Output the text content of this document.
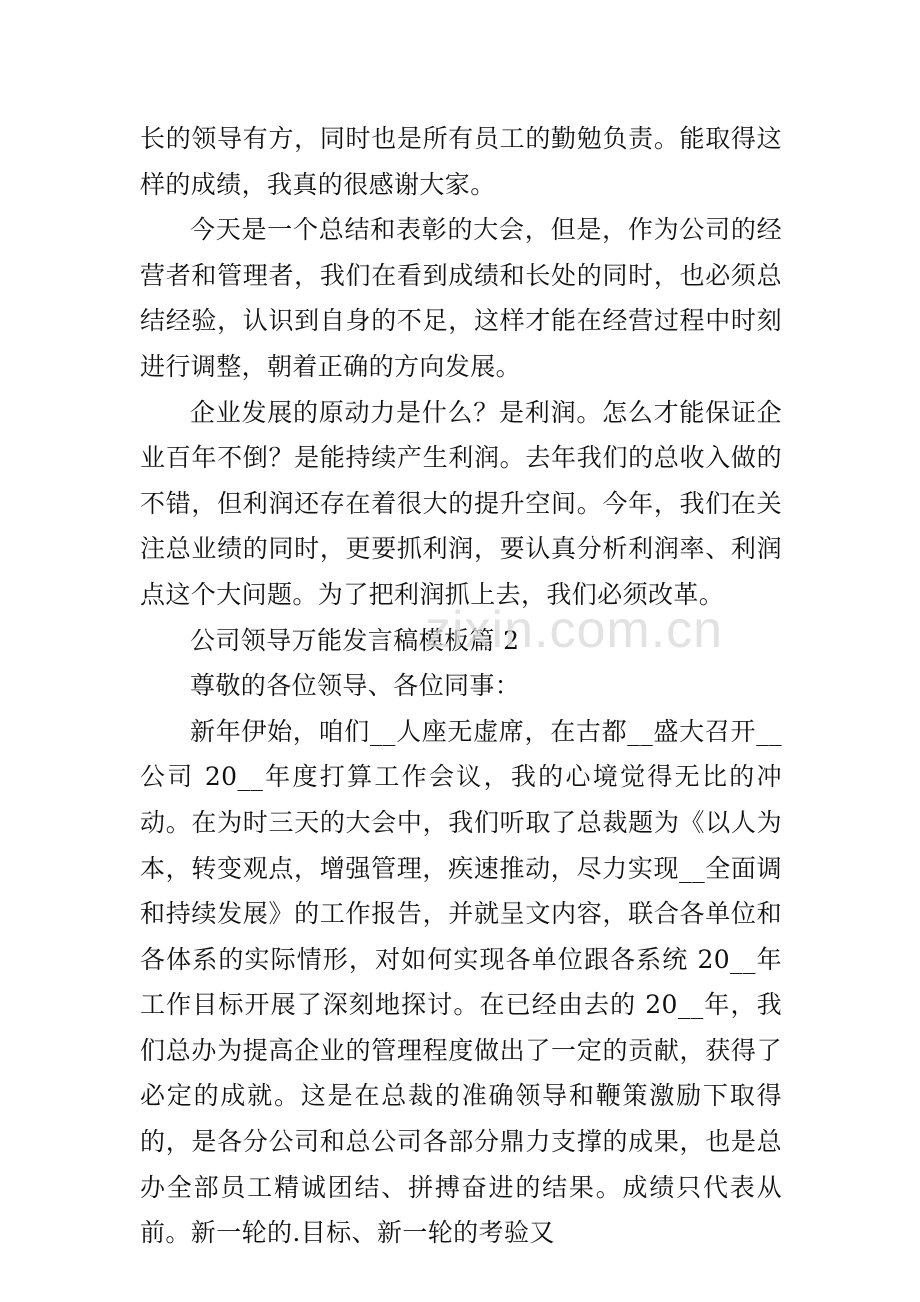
长的领导有方，同时也是所有员工的勤勉负责。能取得这样的成绩，我真的很感谢大家。

今天是一个总结和表彰的大会，但是，作为公司的经营者和管理者，我们在看到成绩和长处的同时，也必须总结经验，认识到自身的不足，这样才能在经营过程中时刻进行调整，朝着正确的方向发展。

企业发展的原动力是什么？是利润。怎么才能保证企业百年不倒？是能持续产生利润。去年我们的总收入做的不错，但利润还存在着很大的提升空间。今年，我们在关注总业绩的同时，更要抓利润，要认真分析利润率、利润点这个大问题。为了把利润抓上去，我们必须改革。

公司领导万能发言稿模板篇 2

尊敬的各位领导、各位同事：

新年伊始，咱们__人座无虚席，在古都__盛大召开__公司 20__年度打算工作会议，我的心境觉得无比的冲动。在为时三天的大会中，我们听取了总裁题为《以人为本，转变观点，增强管理，疾速推动，尽力实现__全面调和持续发展》的工作报告，并就呈文内容，联合各单位和各体系的实际情形，对如何实现各单位跟各系统 20__年工作目标开展了深刻地探讨。在已经由去的 20__年，我们总办为提高企业的管理程度做出了一定的贡献，获得了必定的成就。这是在总裁的准确领导和鞭策激励下取得的，是各分公司和总公司各部分鼎力支撑的成果，也是总办全部员工精诚团结、拼搏奋进的结果。成绩只代表从前。新一轮的.目标、新一轮的考验又

zixin.com.cn
